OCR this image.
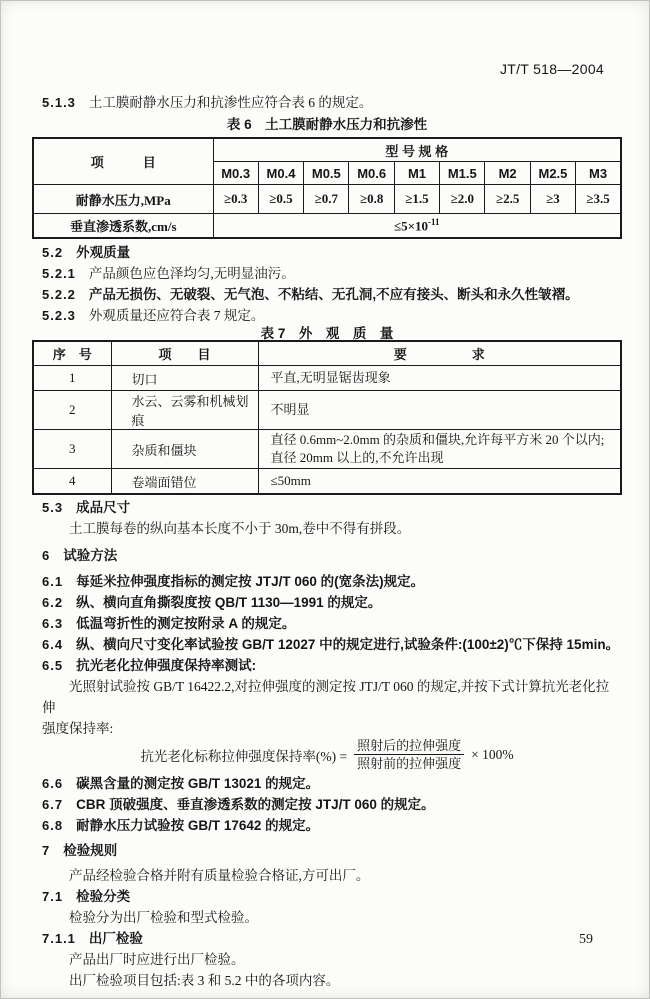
JT/T 518—2004
5.1.3 土工膜耐静水压力和抗渗性应符合表 6 的规定。
表 6　土工膜耐静水压力和抗渗性
项　　　目	型 号 规 格								
	M0.3	M0.4	M0.5	M0.6	M1	M1.5	M2	M2.5	M3
耐静水压力,MPa	≥0.3	≥0.5	≥0.7	≥0.8	≥1.5	≥2.0	≥2.5	≥3	≥3.5
垂直渗透系数,cm/s	$\le 5\times 10^{-11}$
5.2 外观质量
5.2.1 产品颜色应色泽均匀,无明显油污。
5.2.2 产品无损伤、无破裂、无气泡、不粘结、无孔洞,不应有接头、断头和永久性皱褶。
5.2.3 外观质量还应符合表 7 规定。
表 7　外　观　质　量
序　号	项　　目	要　　　　　求
1	切口	平直,无明显锯齿现象
2	水云、云雾和机械划痕	不明显
3	杂质和僵块	直径 0.6mm~2.0mm 的杂质和僵块,允许每平方米 20 个以内;直径 20mm 以上的,不允许出现
4	卷端面错位	≤50mm
5.3 成品尺寸
土工膜每卷的纵向基本长度不小于 30m,卷中不得有拼段。
6 试验方法
6.1 每延米拉伸强度指标的测定按 JTJ/T 060 的(宽条法)规定。
6.2 纵、横向直角撕裂度按 QB/T 1130—1991 的规定。
6.3 低温弯折性的测定按附录 A 的规定。
6.4 纵、横向尺寸变化率试验按 GB/T 12027 中的规定进行,试验条件:(100±2)℃下保持 15min。
6.5 抗光老化拉伸强度保持率测试:
光照射试验按 GB/T 16422.2,对拉伸强度的测定按 JTJ/T 060 的规定,并按下式计算抗光老化拉伸
强度保持率:
抗光老化标称拉伸强度保持率(%) = $\frac{\text{照射后的拉伸强度}}{\text{照射前的拉伸强度}} \times 100\%$
6.6 碳黑含量的测定按 GB/T 13021 的规定。
6.7 CBR 顶破强度、垂直渗透系数的测定按 JTJ/T 060 的规定。
6.8 耐静水压力试验按 GB/T 17642 的规定。
7 检验规则
产品经检验合格并附有质量检验合格证,方可出厂。
7.1 检验分类
检验分为出厂检验和型式检验。
7.1.1 出厂检验
产品出厂时应进行出厂检验。
出厂检验项目包括:表 3 和 5.2 中的各项内容。
59
